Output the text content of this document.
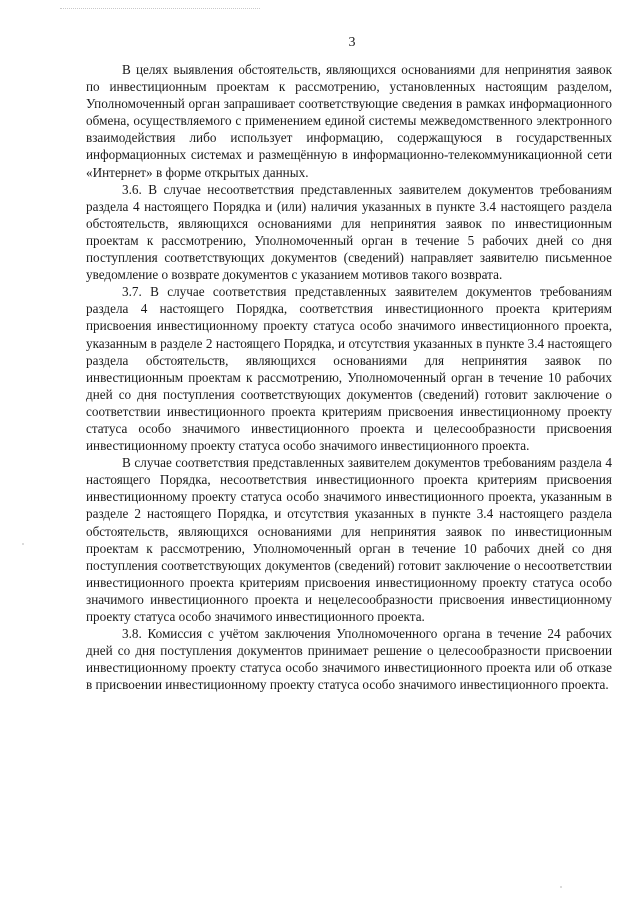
3

В целях выявления обстоятельств, являющихся основаниями для непринятия заявок по инвестиционным проектам к рассмотрению, установленных настоящим разделом, Уполномоченный орган запрашивает соответствующие сведения в рамках информационного обмена, осуществляемого с применением единой системы межведомственного электронного взаимодействия либо использует информацию, содержащуюся в государственных информационных системах и размещённую в информационно-телекоммуникационной сети «Интернет» в форме открытых данных.

3.6. В случае несоответствия представленных заявителем документов требованиям раздела 4 настоящего Порядка и (или) наличия указанных в пункте 3.4 настоящего раздела обстоятельств, являющихся основаниями для непринятия заявок по инвестиционным проектам к рассмотрению, Уполномоченный орган в течение 5 рабочих дней со дня поступления соответствующих документов (сведений) направляет заявителю письменное уведомление о возврате документов с указанием мотивов такого возврата.

3.7. В случае соответствия представленных заявителем документов требованиям раздела 4 настоящего Порядка, соответствия инвестиционного проекта критериям присвоения инвестиционному проекту статуса особо значимого инвестиционного проекта, указанным в разделе 2 настоящего Порядка, и отсутствия указанных в пункте 3.4 настоящего раздела обстоятельств, являющихся основаниями для непринятия заявок по инвестиционным проектам к рассмотрению, Уполномоченный орган в течение 10 рабочих дней со дня поступления соответствующих документов (сведений) готовит заключение о соответствии инвестиционного проекта критериям присвоения инвестиционному проекту статуса особо значимого инвестиционного проекта и целесообразности присвоения инвестиционному проекту статуса особо значимого инвестиционного проекта.

В случае соответствия представленных заявителем документов требованиям раздела 4 настоящего Порядка, несоответствия инвестиционного проекта критериям присвоения инвестиционному проекту статуса особо значимого инвестиционного проекта, указанным в разделе 2 настоящего Порядка, и отсутствия указанных в пункте 3.4 настоящего раздела обстоятельств, являющихся основаниями для непринятия заявок по инвестиционным проектам к рассмотрению, Уполномоченный орган в течение 10 рабочих дней со дня поступления соответствующих документов (сведений) готовит заключение о несоответствии инвестиционного проекта критериям присвоения инвестиционному проекту статуса особо значимого инвестиционного проекта и нецелесообразности присвоения инвестиционному проекту статуса особо значимого инвестиционного проекта.

3.8. Комиссия с учётом заключения Уполномоченного органа в течение 24 рабочих дней со дня поступления документов принимает решение о целесообразности присвоении инвестиционному проекту статуса особо значимого инвестиционного проекта или об отказе в присвоении инвестиционному проекту статуса особо значимого инвестиционного проекта.
